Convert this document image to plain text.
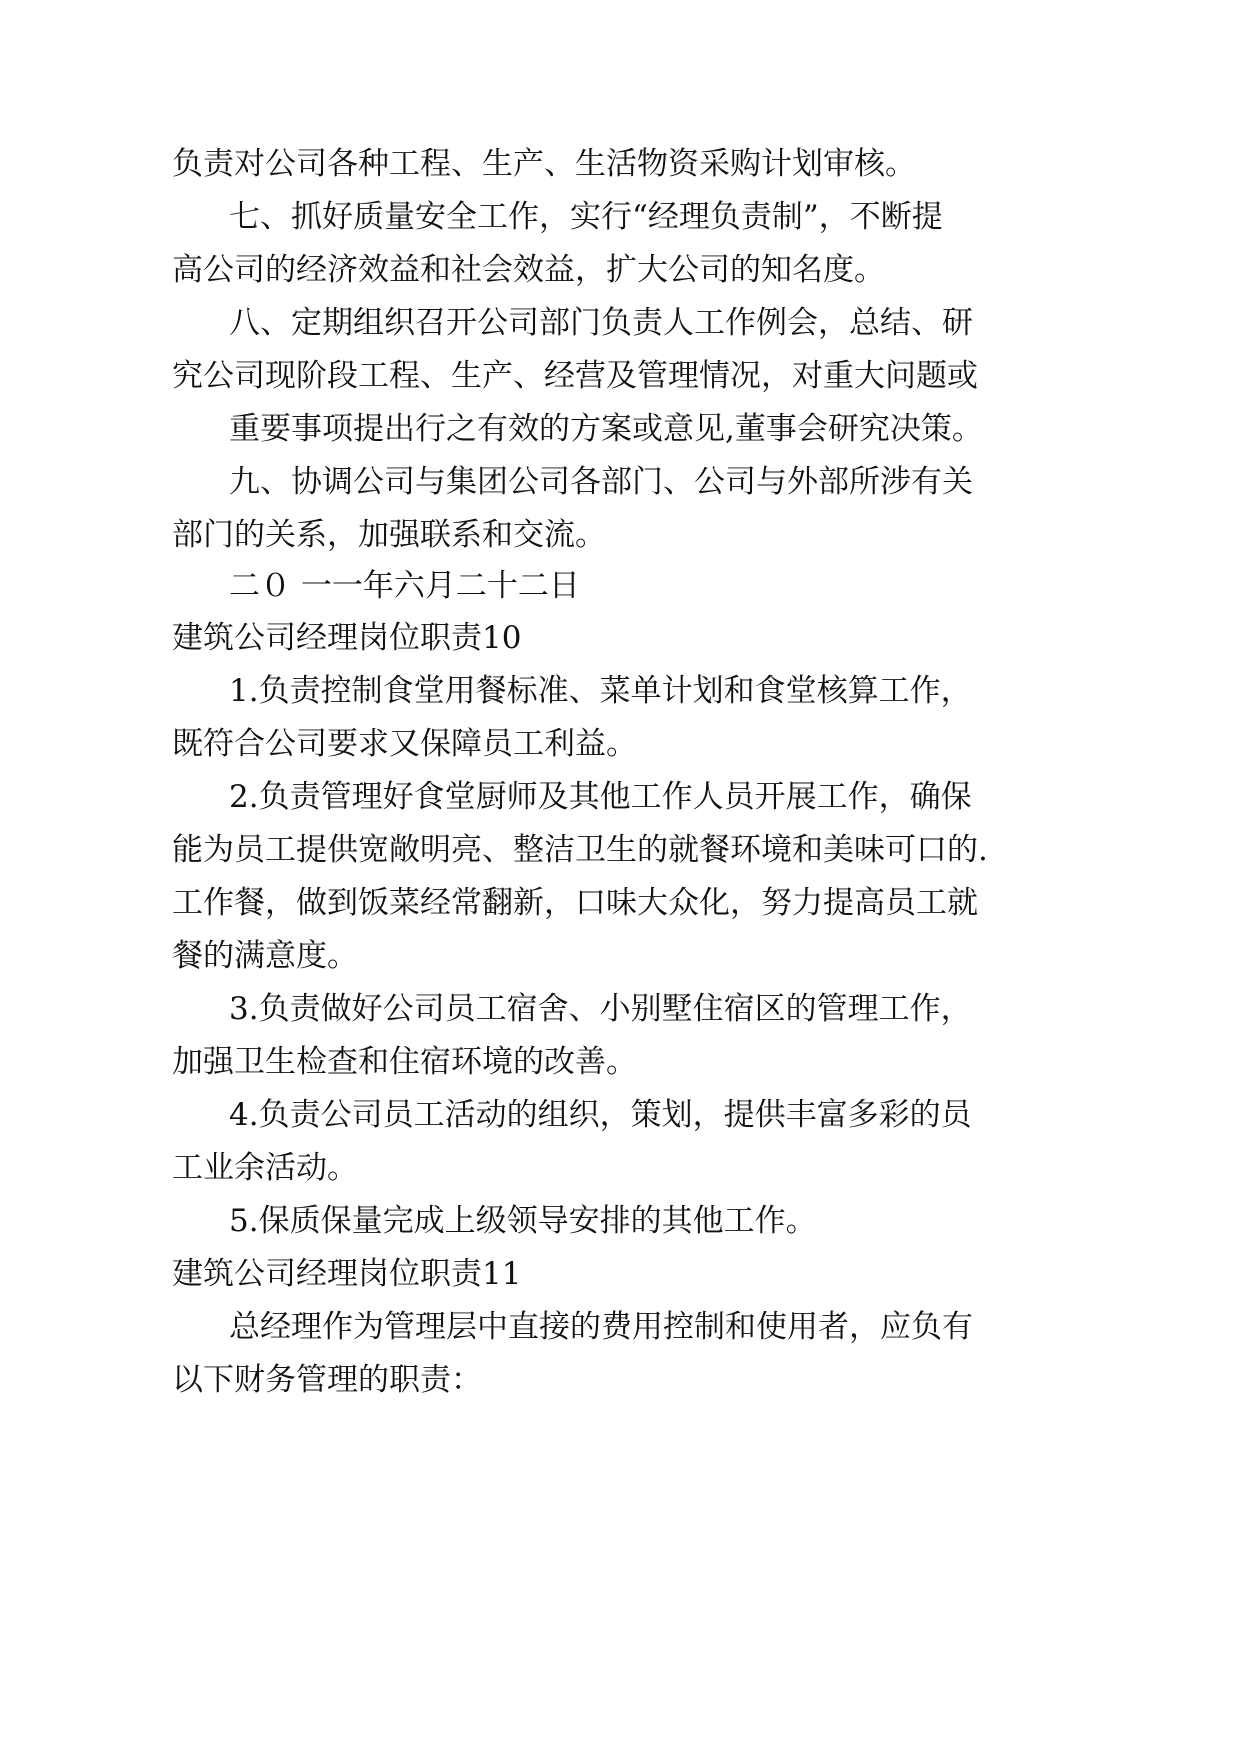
负责对公司各种工程、生产、生活物资采购计划审核。
七、抓好质量安全工作，实行“经理负责制”，不断提
高公司的经济效益和社会效益，扩大公司的知名度。
八、定期组织召开公司部门负责人工作例会，总结、研
究公司现阶段工程、生产、经营及管理情况，对重大问题或
重要事项提出行之有效的方案或意见,董事会研究决策。
九、协调公司与集团公司各部门、公司与外部所涉有关
部门的关系，加强联系和交流。
二０ 一一年六月二十二日
建筑公司经理岗位职责10
1.负责控制食堂用餐标准、菜单计划和食堂核算工作，
既符合公司要求又保障员工利益。
2.负责管理好食堂厨师及其他工作人员开展工作，确保
能为员工提供宽敞明亮、整洁卫生的就餐环境和美味可口的.
工作餐，做到饭菜经常翻新，口味大众化，努力提高员工就
餐的满意度。
3.负责做好公司员工宿舍、小别墅住宿区的管理工作，
加强卫生检查和住宿环境的改善。
4.负责公司员工活动的组织，策划，提供丰富多彩的员
工业余活动。
5.保质保量完成上级领导安排的其他工作。
建筑公司经理岗位职责11
总经理作为管理层中直接的费用控制和使用者，应负有
以下财务管理的职责：
